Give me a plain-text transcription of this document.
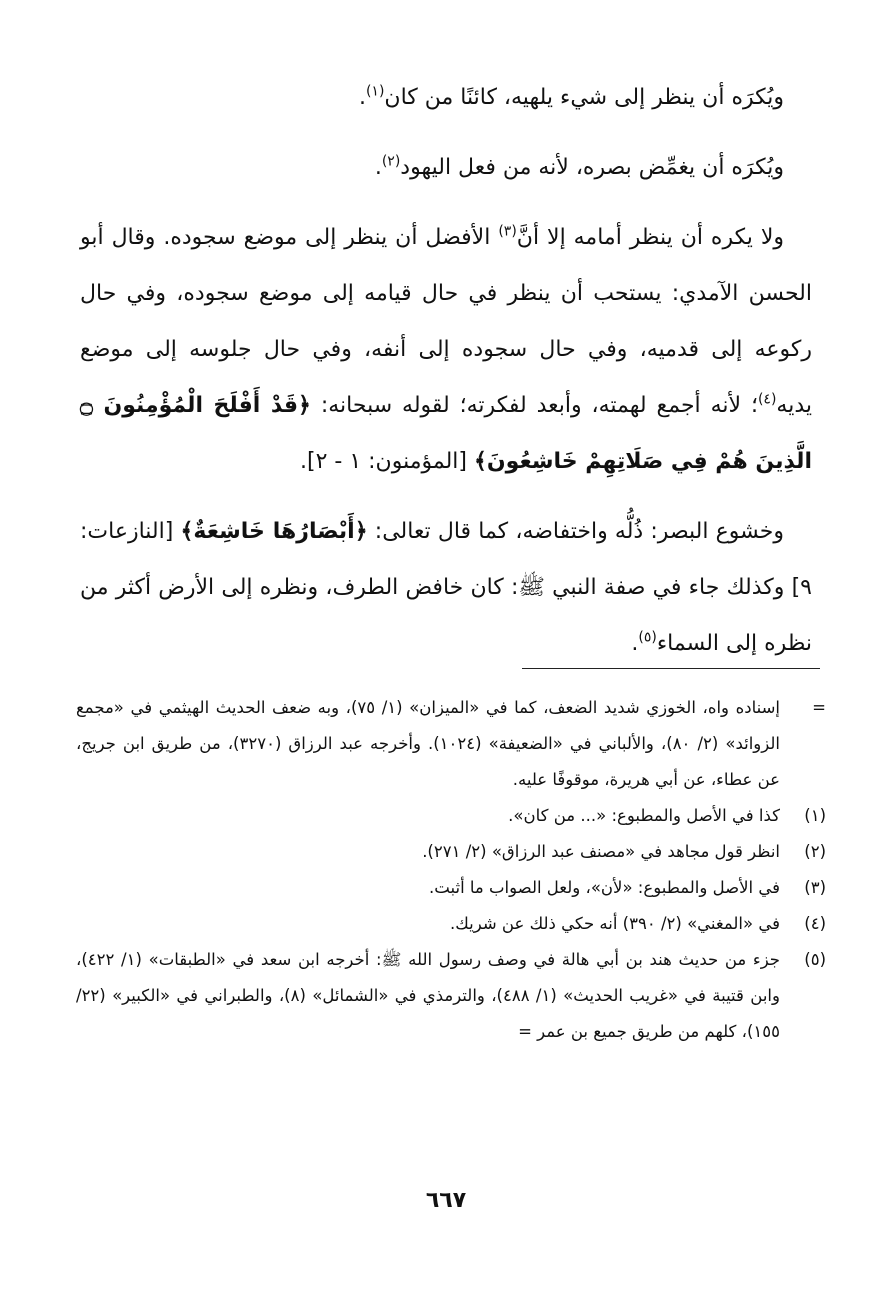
ويُكرَه أن ينظر إلى شيء يلهيه، كائنًا من كان$^{(١)}$.

ويُكرَه أن يغمِّض بصره، لأنه من فعل اليهود$^{(٢)}$.

ولا يكره أن ينظر أمامه إلا أنَّ$^{(٣)}$ الأفضل أن ينظر إلى موضع سجوده. وقال أبو الحسن الآمدي: يستحب أن ينظر في حال قيامه إلى موضع سجوده، وفي حال ركوعه إلى قدميه، وفي حال سجوده إلى أنفه، وفي حال جلوسه إلى موضع يديه$^{(٤)}$؛ لأنه أجمع لهمته، وأبعد لفكرته؛ لقوله سبحانه: ﴿قَدْ أَفْلَحَ الْمُؤْمِنُونَ ۝ الَّذِينَ هُمْ فِي صَلَاتِهِمْ خَاشِعُونَ﴾ [المؤمنون: ١ - ٢].

وخشوع البصر: ذُلُّه واختفاضه، كما قال تعالى: ﴿أَبْصَارُهَا خَاشِعَةٌ﴾ [النازعات: ٩] وكذلك جاء في صفة النبي ﷺ: كان خافض الطرف، ونظره إلى الأرض أكثر من نظره إلى السماء$^{(٥)}$.

=
إسناده واه، الخوزي شديد الضعف، كما في «الميزان» (١/ ٧٥)، وبه ضعف الحديث الهيثمي في «مجمع الزوائد» (٢/ ٨٠)، والألباني في «الضعيفة» (١٠٢٤). وأخرجه عبد الرزاق (٣٢٧٠)، من طريق ابن جريج، عن عطاء، عن أبي هريرة، موقوفًا عليه.
(١)
كذا في الأصل والمطبوع: «... من كان».
(٢)
انظر قول مجاهد في «مصنف عبد الرزاق» (٢/ ٢٧١).
(٣)
في الأصل والمطبوع: «لأن»، ولعل الصواب ما أثبت.
(٤)
في «المغني» (٢/ ٣٩٠) أنه حكي ذلك عن شريك.
(٥)
جزء من حديث هند بن أبي هالة في وصف رسول الله ﷺ: أخرجه ابن سعد في «الطبقات» (١/ ٤٢٢)، وابن قتيبة في «غريب الحديث» (١/ ٤٨٨)، والترمذي في «الشمائل» (٨)، والطبراني في «الكبير» (٢٢/ ١٥٥)، كلهم من طريق جميع بن عمر =
٦٦٧
